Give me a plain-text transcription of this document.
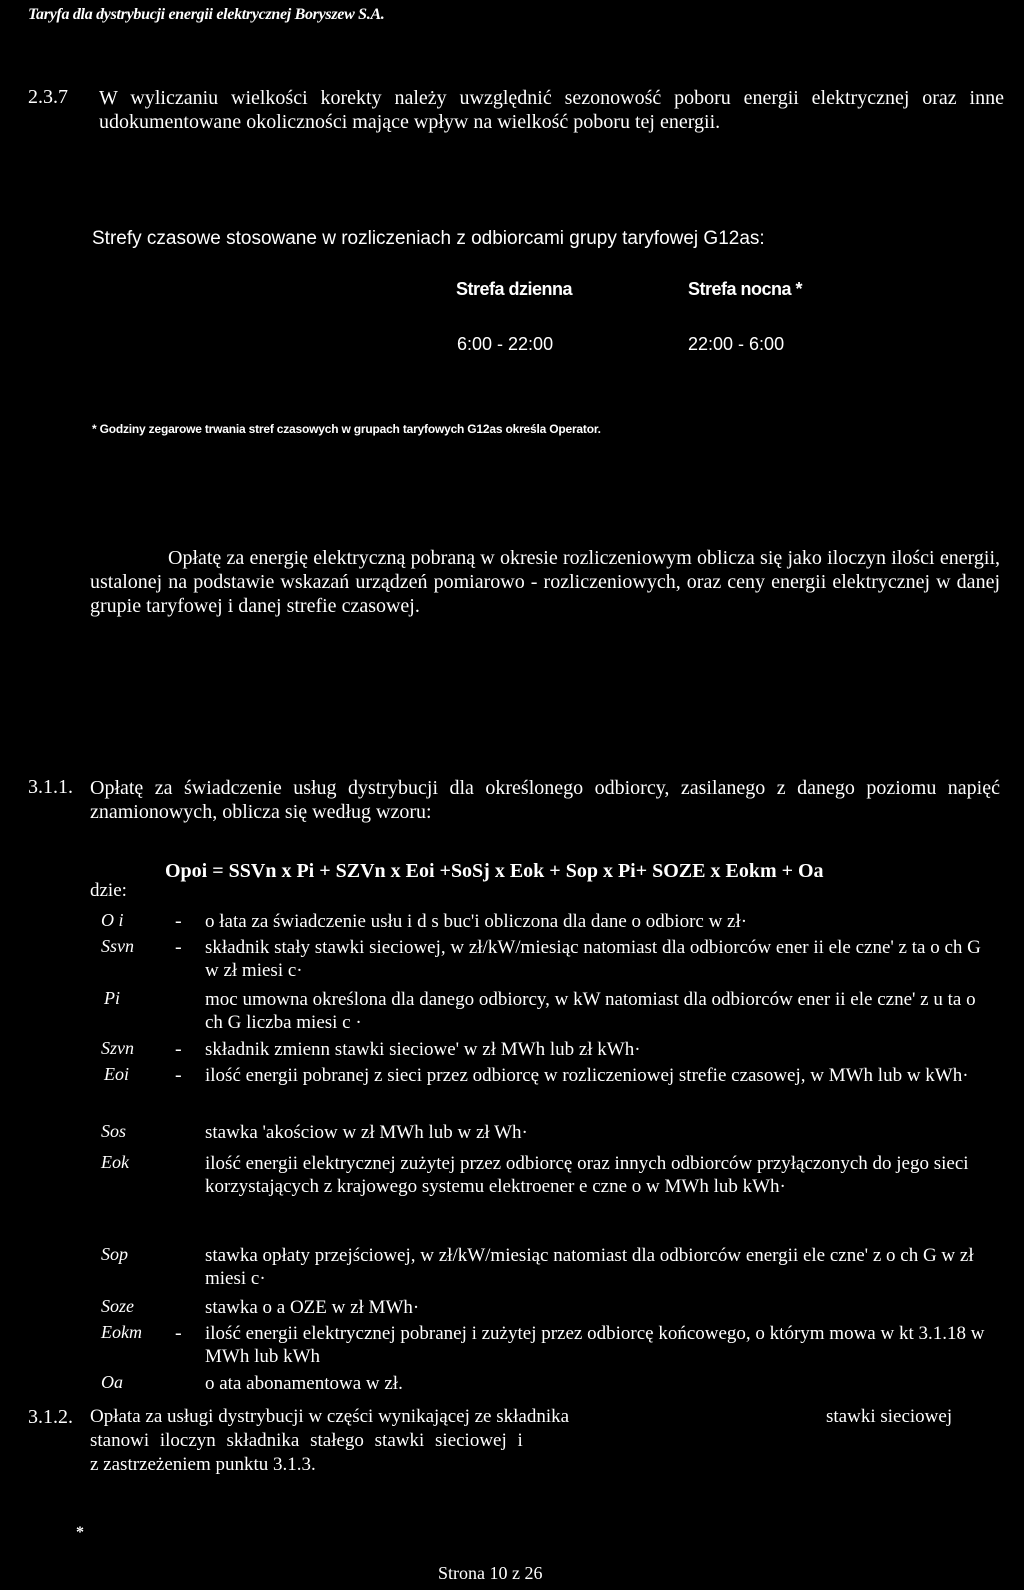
Taryfa dla dystrybucji energii elektrycznej Boryszew S.A.
2.3.7 W wyliczaniu wielkości korekty należy uwzględnić sezonowość poboru energii elektrycznej oraz inne udokumentowane okoliczności mające wpływ na wielkość poboru tej energii.
Strefy czasowe stosowane w rozliczeniach z odbiorcami grupy taryfowej G12as:
Strefa dzienna	Strefa nocna *
6:00 - 22:00	22:00 - 6:00
* Godziny zegarowe trwania stref czasowych w grupach taryfowych G12as określa Operator.
Opłatę za energię elektryczną pobraną w okresie rozliczeniowym oblicza się jako iloczyn ilości energii, ustalonej na podstawie wskazań urządzeń pomiarowo - rozliczeniowych, oraz ceny energii elektrycznej w danej grupie taryfowej i danej strefie czasowej.
3.1.1. Opłatę za świadczenie usług dystrybucji dla określonego odbiorcy, zasilanego z danego poziomu napięć znamionowych, oblicza się według wzoru:
Opoi = SSVn x Pi + SZVn x Eoi +SoSj x Eok + Sop x Pi+ SOZE x Eokm + Oa
dzie:
O i	-	o łata za świadczenie usłu i d s buc'i obliczona dla dane o odbiorc w zł·
Ssvn	-	składnik stały stawki sieciowej, w zł/kW/miesiąc natomiast dla odbiorców ener ii ele czne' z ta o ch G w zł miesi c·
Pi	moc umowna określona dla danego odbiorcy, w kW natomiast dla odbiorców ener ii ele czne' z u ta o ch G liczba miesi c ·
Szvn	-	składnik zmienn stawki sieciowe' w zł MWh lub zł kWh·
Eoi	-	ilość energii pobranej z sieci przez odbiorcę w rozliczeniowej strefie czasowej, w MWh lub w kWh·
Sos	stawka 'akościow w zł MWh lub w zł Wh·
Eok	ilość energii elektrycznej zużytej przez odbiorcę oraz innych odbiorców przyłączonych do jego sieci korzystających z krajowego systemu elektroener e czne o w MWh lub kWh·
Sop	stawka opłaty przejściowej, w zł/kW/miesiąc natomiast dla odbiorców energii ele czne' z o ch G w zł miesi c·
Soze	stawka o a OZE w zł MWh·
Eokm	-	ilość energii elektrycznej pobranej i zużytej przez odbiorcę końcowego, o którym mowa w kt 3.1.18 w MWh lub kWh
Oa	o ata abonamentowa w zł.
3.1.2. Opłata za usługi dystrybucji w części wynikającej ze składnika	stawki sieciowej
stanowi iloczyn składnika stałego stawki sieciowej i
z zastrzeżeniem punktu 3.1.3.
*
Strona 10 z 26
